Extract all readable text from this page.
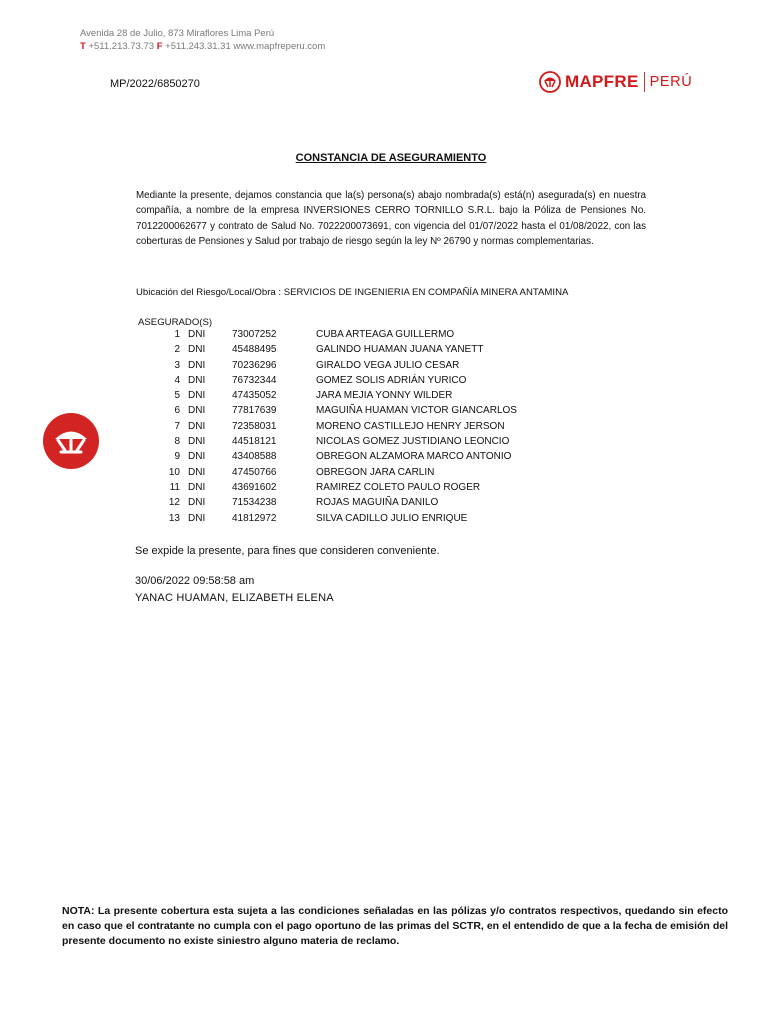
Avenida 28 de Julio, 873 Miraflores Lima Perú
T +511.213.73.73 F +511.243.31.31 www.mapfreperu.com
MP/2022/6850270	MAPFRE PERÚ
CONSTANCIA DE ASEGURAMIENTO
Mediante la presente, dejamos constancia que la(s) persona(s) abajo nombrada(s) está(n) asegurada(s) en nuestra compañía, a nombre de la empresa INVERSIONES CERRO TORNILLO S.R.L. bajo la Póliza de Pensiones No. 7012200062677 y contrato de Salud No. 7022200073691, con vigencia del 01/07/2022 hasta el 01/08/2022, con las coberturas de Pensiones y Salud por trabajo de riesgo según la ley Nº 26790 y normas complementarias.
Ubicación del Riesgo/Local/Obra : SERVICIOS DE INGENIERIA EN COMPAÑÍA MINERA ANTAMINA
ASEGURADO(S)
1	DNI	73007252	CUBA ARTEAGA GUILLERMO
2	DNI	45488495	GALINDO HUAMAN JUANA YANETT
3	DNI	70236296	GIRALDO VEGA JULIO CESAR
4	DNI	76732344	GOMEZ SOLIS ADRIÁN YURICO
5	DNI	47435052	JARA MEJIA YONNY WILDER
6	DNI	77817639	MAGUIÑA HUAMAN VICTOR GIANCARLOS
7	DNI	72358031	MORENO CASTILLEJO HENRY JERSON
8	DNI	44518121	NICOLAS GOMEZ JUSTIDIANO LEONCIO
9	DNI	43408588	OBREGON ALZAMORA MARCO ANTONIO
10	DNI	47450766	OBREGON JARA CARLIN
11	DNI	43691602	RAMIREZ COLETO PAULO ROGER
12	DNI	71534238	ROJAS MAGUIÑA DANILO
13	DNI	41812972	SILVA CADILLO JULIO ENRIQUE
Se expide la presente, para fines que consideren conveniente.
30/06/2022 09:58:58 am
YANAC HUAMAN, ELIZABETH ELENA
NOTA: La presente cobertura esta sujeta a las condiciones señaladas en las pólizas y/o contratos respectivos, quedando sin efecto en caso que el contratante no cumpla con el pago oportuno de las primas del SCTR, en el entendido de que a la fecha de emisión del presente documento no existe siniestro alguno materia de reclamo.
